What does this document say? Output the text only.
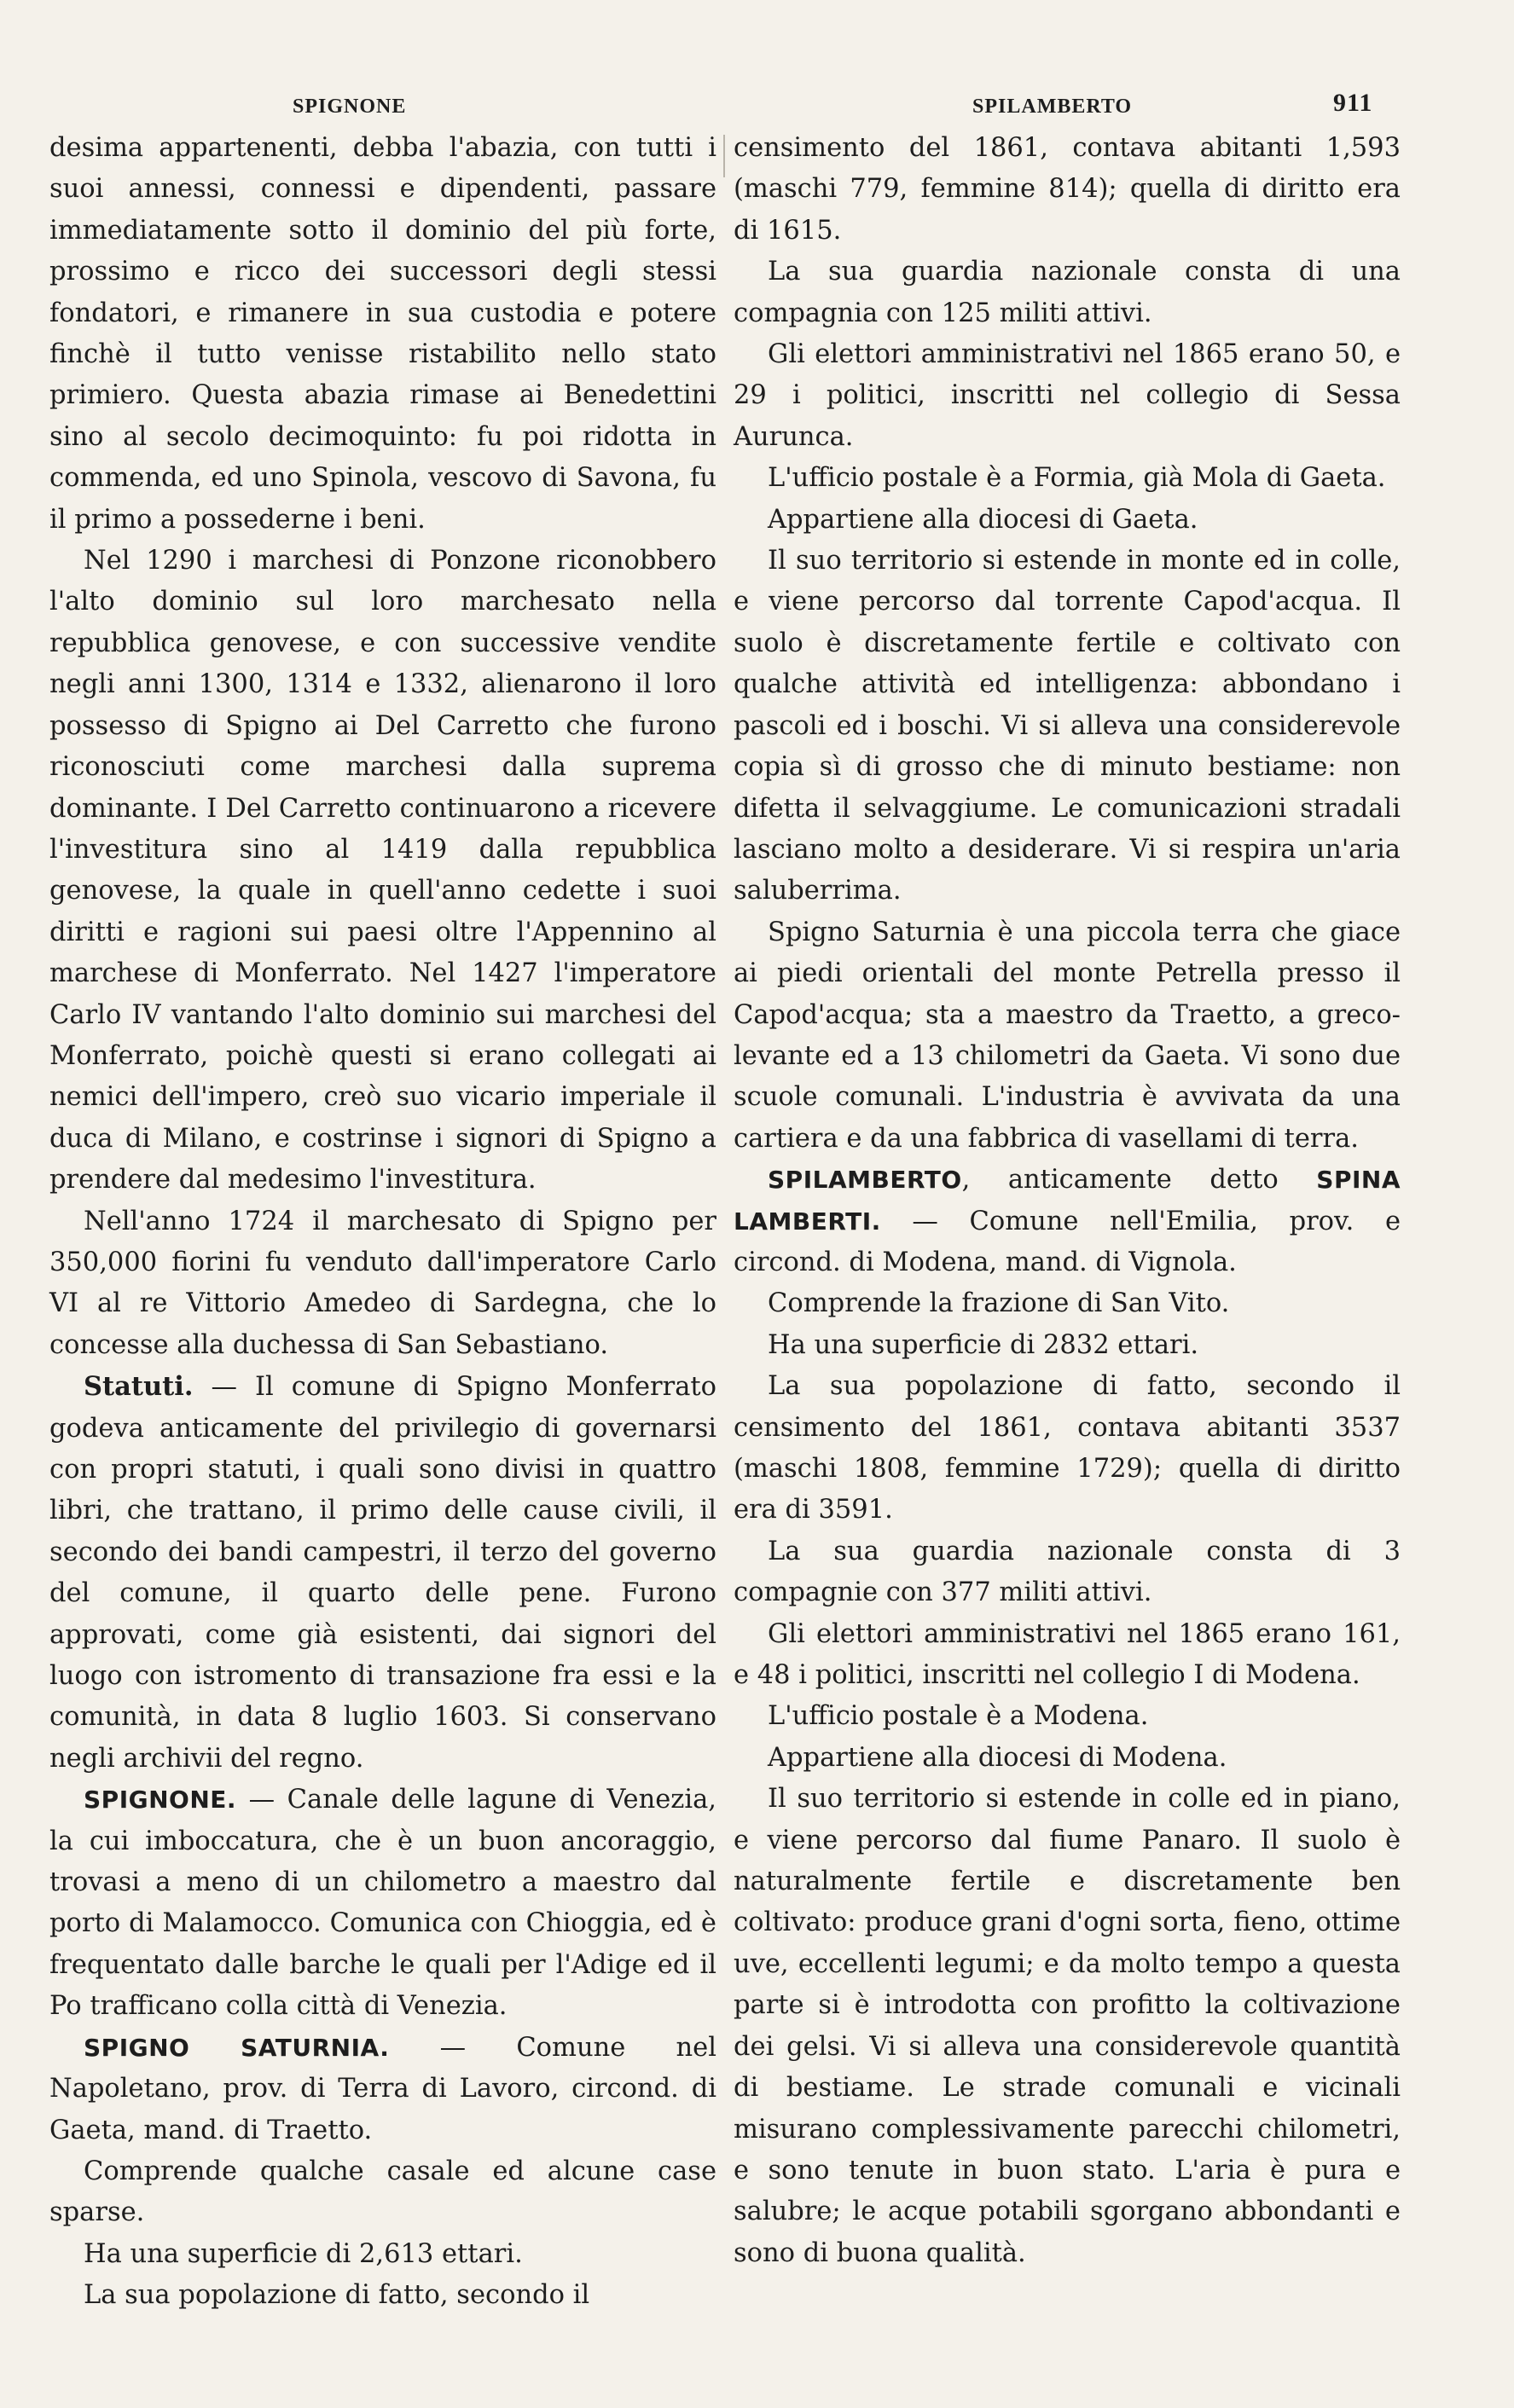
SPIGNONE	SPILAMBERTO	911

desima appartenenti, debba l'abazia, con tutti i suoi annessi, connessi e dipendenti, passare immediatamente sotto il dominio del più forte, prossimo e ricco dei successori degli stessi fondatori, e rimanere in sua custodia e potere finchè il tutto venisse ristabilito nello stato primiero. Questa abazia rimase ai Benedettini sino al secolo decimoquinto: fu poi ridotta in commenda, ed uno Spinola, vescovo di Savona, fu il primo a possederne i beni.

Nel 1290 i marchesi di Ponzone riconobbero l'alto dominio sul loro marchesato nella repubblica genovese, e con successive vendite negli anni 1300, 1314 e 1332, alienarono il loro possesso di Spigno ai Del Carretto che furono riconosciuti come marchesi dalla suprema dominante. I Del Carretto continuarono a ricevere l'investitura sino al 1419 dalla repubblica genovese, la quale in quell'anno cedette i suoi diritti e ragioni sui paesi oltre l'Appennino al marchese di Monferrato. Nel 1427 l'imperatore Carlo IV vantando l'alto dominio sui marchesi del Monferrato, poichè questi si erano collegati ai nemici dell'impero, creò suo vicario imperiale il duca di Milano, e costrinse i signori di Spigno a prendere dal medesimo l'investitura.

Nell'anno 1724 il marchesato di Spigno per 350,000 fiorini fu venduto dall'imperatore Carlo VI al re Vittorio Amedeo di Sardegna, che lo concesse alla duchessa di San Sebastiano.

Statuti. — Il comune di Spigno Monferrato godeva anticamente del privilegio di governarsi con propri statuti, i quali sono divisi in quattro libri, che trattano, il primo delle cause civili, il secondo dei bandi campestri, il terzo del governo del comune, il quarto delle pene. Furono approvati, come già esistenti, dai signori del luogo con istromento di transazione fra essi e la comunità, in data 8 luglio 1603. Si conservano negli archivii del regno.

SPIGNONE. — Canale delle lagune di Venezia, la cui imboccatura, che è un buon ancoraggio, trovasi a meno di un chilometro a maestro dal porto di Malamocco. Comunica con Chioggia, ed è frequentato dalle barche le quali per l'Adige ed il Po trafficano colla città di Venezia.

SPIGNO SATURNIA. — Comune nel Napoletano, prov. di Terra di Lavoro, circond. di Gaeta, mand. di Traetto.

Comprende qualche casale ed alcune case sparse.

Ha una superficie di 2,613 ettari.

La sua popolazione di fatto, secondo il

censimento del 1861, contava abitanti 1,593 (maschi 779, femmine 814); quella di diritto era di 1615.

La sua guardia nazionale consta di una compagnia con 125 militi attivi.

Gli elettori amministrativi nel 1865 erano 50, e 29 i politici, inscritti nel collegio di Sessa Aurunca.

L'ufficio postale è a Formia, già Mola di Gaeta.

Appartiene alla diocesi di Gaeta.

Il suo territorio si estende in monte ed in colle, e viene percorso dal torrente Capod'acqua. Il suolo è discretamente fertile e coltivato con qualche attività ed intelligenza: abbondano i pascoli ed i boschi. Vi si alleva una considerevole copia sì di grosso che di minuto bestiame: non difetta il selvaggiume. Le comunicazioni stradali lasciano molto a desiderare. Vi si respira un'aria saluberrima.

Spigno Saturnia è una piccola terra che giace ai piedi orientali del monte Petrella presso il Capod'acqua; sta a maestro da Traetto, a greco-levante ed a 13 chilometri da Gaeta. Vi sono due scuole comunali. L'industria è avvivata da una cartiera e da una fabbrica di vasellami di terra.

SPILAMBERTO, anticamente detto SPINA LAMBERTI. — Comune nell'Emilia, prov. e circond. di Modena, mand. di Vignola.

Comprende la frazione di San Vito.

Ha una superficie di 2832 ettari.

La sua popolazione di fatto, secondo il censimento del 1861, contava abitanti 3537 (maschi 1808, femmine 1729); quella di diritto era di 3591.

La sua guardia nazionale consta di 3 compagnie con 377 militi attivi.

Gli elettori amministrativi nel 1865 erano 161, e 48 i politici, inscritti nel collegio I di Modena.

L'ufficio postale è a Modena.

Appartiene alla diocesi di Modena.

Il suo territorio si estende in colle ed in piano, e viene percorso dal fiume Panaro. Il suolo è naturalmente fertile e discretamente ben coltivato: produce grani d'ogni sorta, fieno, ottime uve, eccellenti legumi; e da molto tempo a questa parte si è introdotta con profitto la coltivazione dei gelsi. Vi si alleva una considerevole quantità di bestiame. Le strade comunali e vicinali misurano complessivamente parecchi chilometri, e sono tenute in buon stato. L'aria è pura e salubre; le acque potabili sgorgano abbondanti e sono di buona qualità.
